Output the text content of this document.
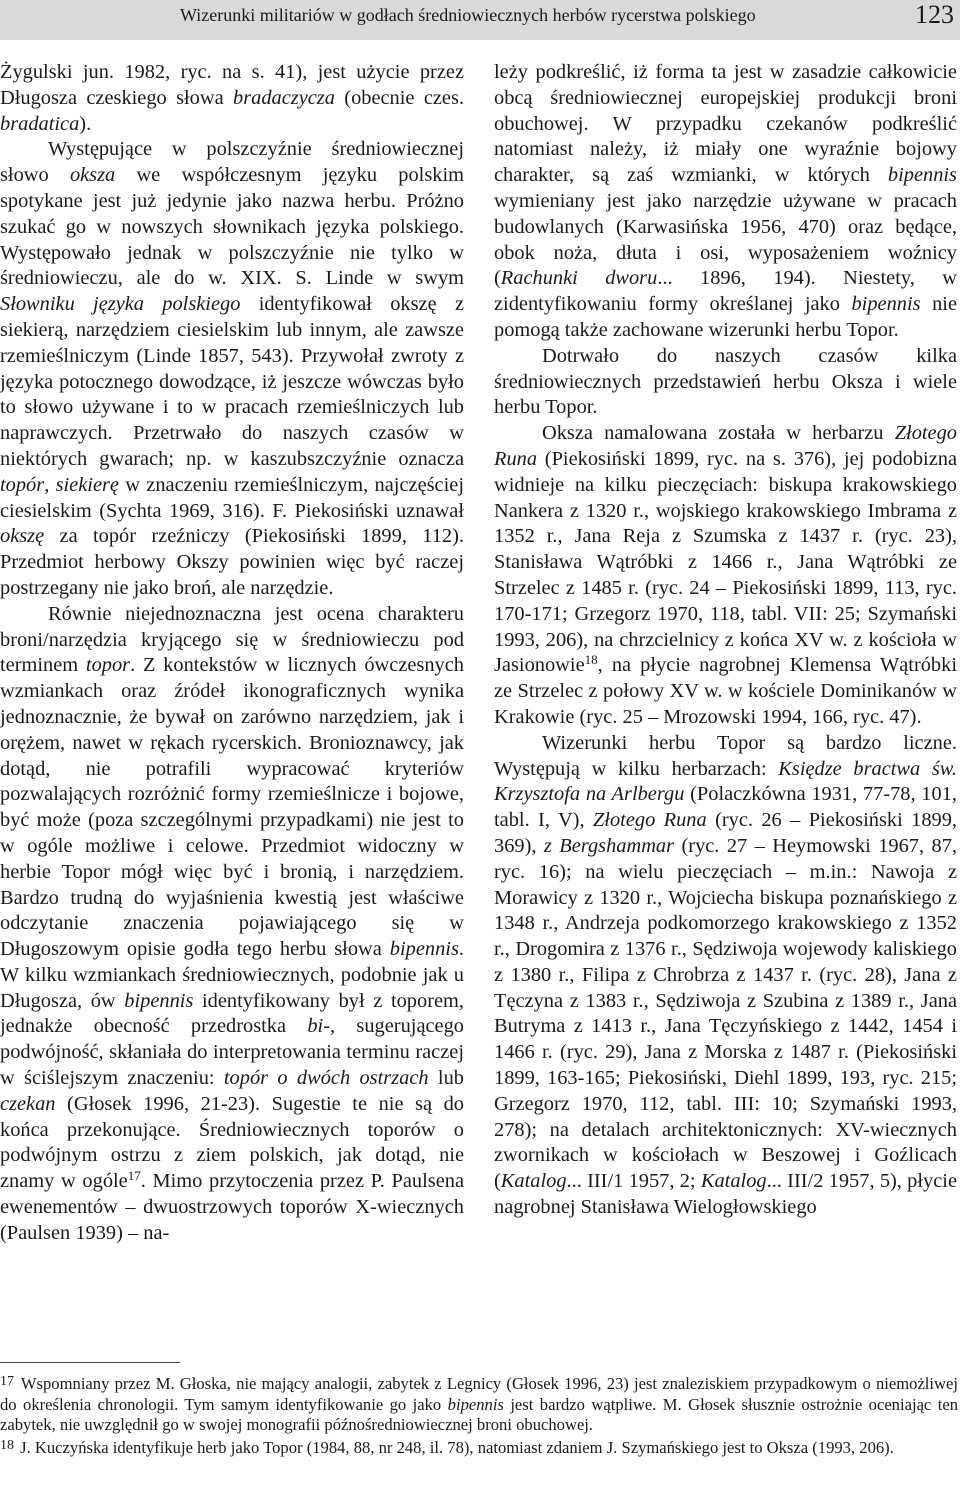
Wizerunki militariów w godłach średniowiecznych herbów rycerstwa polskiego	123

Żygulski jun. 1982, ryc. na s. 41), jest użycie przez Długosza czeskiego słowa bradaczycza (obecnie czes. bradatica).

Występujące w polszczyźnie średniowiecznej słowo oksza we współczesnym języku polskim spotykane jest już jedynie jako nazwa herbu. Próżno szukać go w nowszych słownikach języka polskiego. Występowało jednak w polszczyźnie nie tylko w średniowieczu, ale do w. XIX. S. Linde w swym Słowniku języka polskiego identyfikował okszę z siekierą, narzędziem ciesielskim lub innym, ale zawsze rzemieślniczym (Linde 1857, 543). Przywołał zwroty z języka potocznego dowodzące, iż jeszcze wówczas było to słowo używane i to w pracach rzemieślniczych lub naprawczych. Przetrwało do naszych czasów w niektórych gwarach; np. w kaszubszczyźnie oznacza topór, siekierę w znaczeniu rzemieślniczym, najczęściej ciesielskim (Sychta 1969, 316). F. Piekosiński uznawał okszę za topór rzeźniczy (Piekosiński 1899, 112). Przedmiot herbowy Okszy powinien więc być raczej postrzegany nie jako broń, ale narzędzie.

Równie niejednoznaczna jest ocena charakteru broni/narzędzia kryjącego się w średniowieczu pod terminem topor. Z kontekstów w licznych ówczesnych wzmiankach oraz źródeł ikonograficznych wynika jednoznacznie, że bywał on zarówno narzędziem, jak i orężem, nawet w rękach rycerskich. Bronioznawcy, jak dotąd, nie potrafili wypracować kryteriów pozwalających rozróżnić formy rzemieślnicze i bojowe, być może (poza szczególnymi przypadkami) nie jest to w ogóle możliwe i celowe. Przedmiot widoczny w herbie Topor mógł więc być i bronią, i narzędziem. Bardzo trudną do wyjaśnienia kwestią jest właściwe odczytanie znaczenia pojawiającego się w Długoszowym opisie godła tego herbu słowa bipennis. W kilku wzmiankach średniowiecznych, podobnie jak u Długosza, ów bipennis identyfikowany był z toporem, jednakże obecność przedrostka bi-, sugerującego podwójność, skłaniała do interpretowania terminu raczej w ściślejszym znaczeniu: topór o dwóch ostrzach lub czekan (Głosek 1996, 21-23). Sugestie te nie są do końca przekonujące. Średniowiecznych toporów o podwójnym ostrzu z ziem polskich, jak dotąd, nie znamy w ogóle$^{17}$. Mimo przytoczenia przez P. Paulsena ewenementów – dwuostrzowych toporów X-wiecznych (Paulsen 1939) – na-

leży podkreślić, iż forma ta jest w zasadzie całkowicie obcą średniowiecznej europejskiej produkcji broni obuchowej. W przypadku czekanów podkreślić natomiast należy, iż miały one wyraźnie bojowy charakter, są zaś wzmianki, w których bipennis wymieniany jest jako narzędzie używane w pracach budowlanych (Karwasińska 1956, 470) oraz będące, obok noża, dłuta i osi, wyposażeniem woźnicy (Rachunki dworu... 1896, 194). Niestety, w zidentyfikowaniu formy określanej jako bipennis nie pomogą także zachowane wizerunki herbu Topor.

Dotrwało do naszych czasów kilka średniowiecznych przedstawień herbu Oksza i wiele herbu Topor.

Oksza namalowana została w herbarzu Złotego Runa (Piekosiński 1899, ryc. na s. 376), jej podobizna widnieje na kilku pieczęciach: biskupa krakowskiego Nankera z 1320 r., wojskiego krakowskiego Imbrama z 1352 r., Jana Reja z Szumska z 1437 r. (ryc. 23), Stanisława Wątróbki z 1466 r., Jana Wątróbki ze Strzelec z 1485 r. (ryc. 24 – Piekosiński 1899, 113, ryc. 170-171; Grzegorz 1970, 118, tabl. VII: 25; Szymański 1993, 206), na chrzcielnicy z końca XV w. z kościoła w Jasionowie$^{18}$, na płycie nagrobnej Klemensa Wątróbki ze Strzelec z połowy XV w. w kościele Dominikanów w Krakowie (ryc. 25 – Mrozowski 1994, 166, ryc. 47).

Wizerunki herbu Topor są bardzo liczne. Występują w kilku herbarzach: Księdze bractwa św. Krzysztofa na Arlbergu (Polaczkówna 1931, 77-78, 101, tabl. I, V), Złotego Runa (ryc. 26 – Piekosiński 1899, 369), z Bergshammar (ryc. 27 – Heymowski 1967, 87, ryc. 16); na wielu pieczęciach – m.in.: Nawoja z Morawicy z 1320 r., Wojciecha biskupa poznańskiego z 1348 r., Andrzeja podkomorzego krakowskiego z 1352 r., Drogomira z 1376 r., Sędziwoja wojewody kaliskiego z 1380 r., Filipa z Chrobrza z 1437 r. (ryc. 28), Jana z Tęczyna z 1383 r., Sędziwoja z Szubina z 1389 r., Jana Butryma z 1413 r., Jana Tęczyńskiego z 1442, 1454 i 1466 r. (ryc. 29), Jana z Morska z 1487 r. (Piekosiński 1899, 163-165; Piekosiński, Diehl 1899, 193, ryc. 215; Grzegorz 1970, 112, tabl. III: 10; Szymański 1993, 278); na detalach architektonicznych: XV-wiecznych zwornikach w kościołach w Beszowej i Goźlicach (Katalog... III/1 1957, 2; Katalog... III/2 1957, 5), płycie nagrobnej Stanisława Wielogłowskiego

$^{17}$ Wspomniany przez M. Głoska, nie mający analogii, zabytek z Legnicy (Głosek 1996, 23) jest znaleziskiem przypadkowym o niemożliwej do określenia chronologii. Tym samym identyfikowanie go jako bipennis jest bardzo wątpliwe. M. Głosek słusznie ostrożnie oceniając ten zabytek, nie uwzględnił go w swojej monografii późnośredniowiecznej broni obuchowej.

$^{18}$ J. Kuczyńska identyfikuje herb jako Topor (1984, 88, nr 248, il. 78), natomiast zdaniem J. Szymańskiego jest to Oksza (1993, 206).
